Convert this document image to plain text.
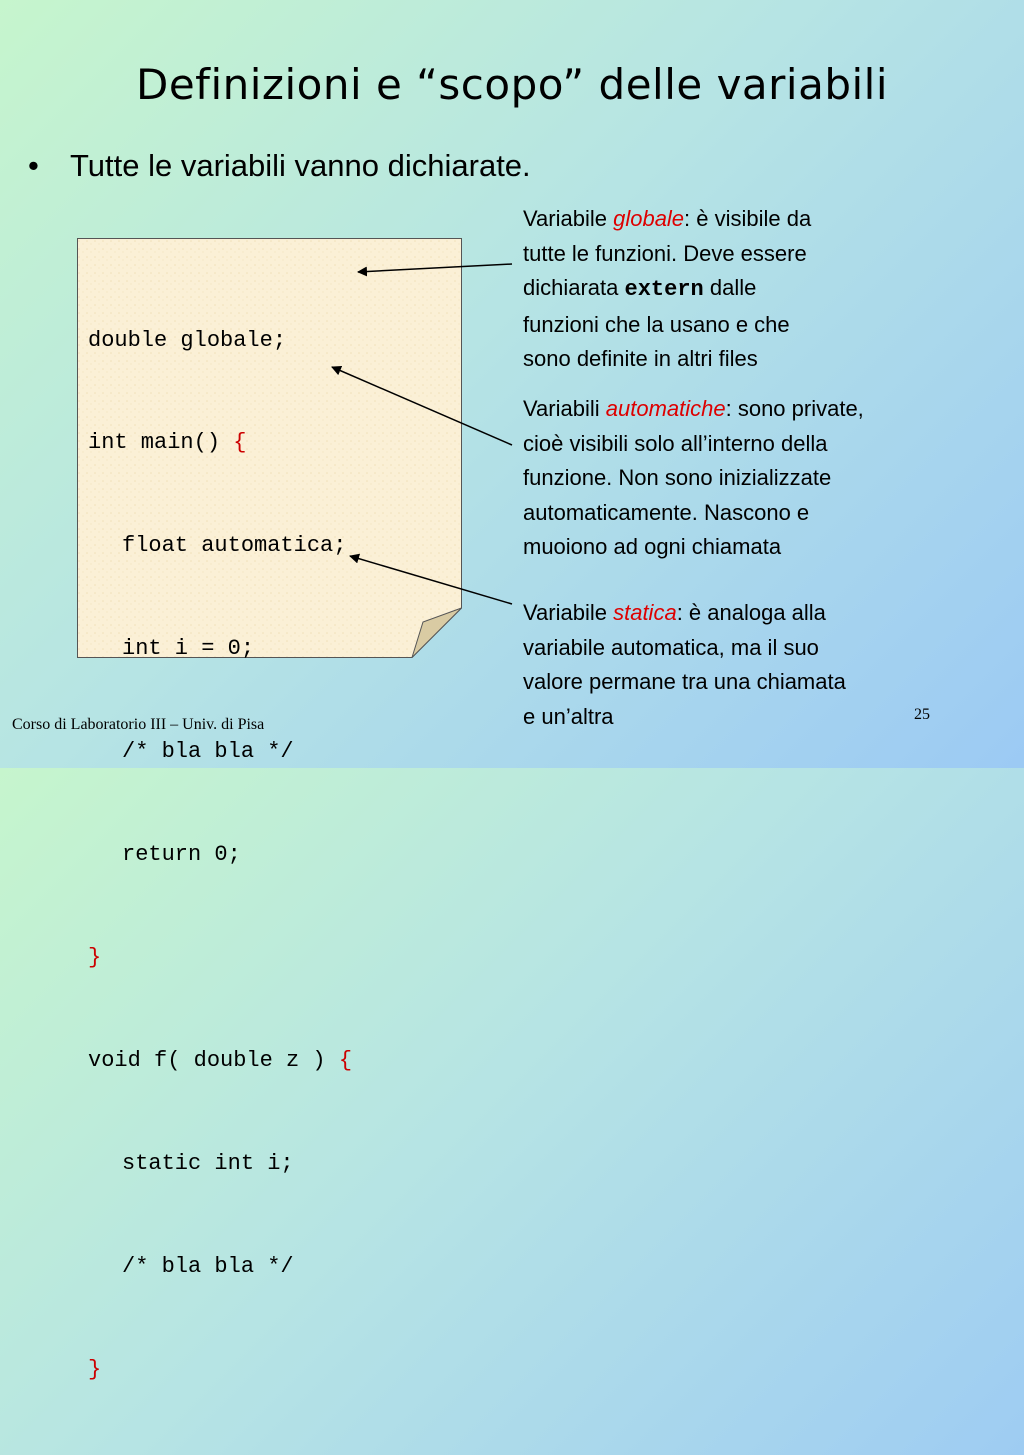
Definizioni e “scopo” delle variabili
• Tutte le variabili vanno dichiarate.

double globale;

int main() {

float automatica;

int i = 0;

/* bla bla */

return 0;

}

void f( double z ) {

static int i;

/* bla bla */

}

Variabile globale: è visibile da
tutte le funzioni. Deve essere
dichiarata extern dalle
funzioni che la usano e che
sono definite in altri files
Variabili automatiche: sono private,
cioè visibili solo all’interno della
funzione. Non sono inizializzate
automaticamente. Nascono e
muoiono ad ogni chiamata
Variabile statica: è analoga alla
variabile automatica, ma il suo
valore permane tra una chiamata
e un’altra
Corso di Laboratorio III – Univ. di Pisa
25
